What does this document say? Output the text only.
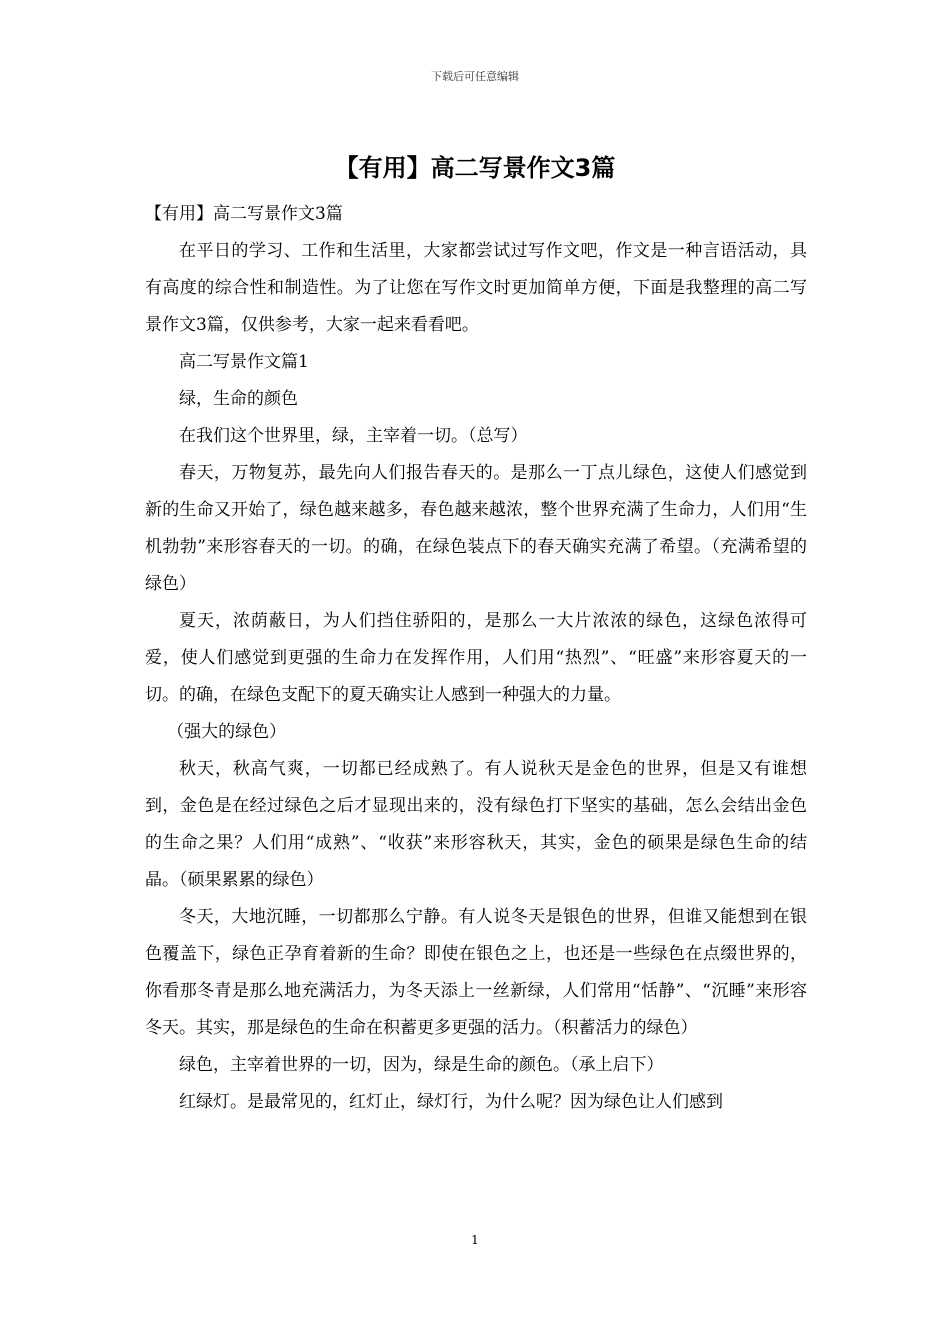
下载后可任意编辑
【有用】高二写景作文3篇

【有用】高二写景作文3篇

在平日的学习、工作和生活里，大家都尝试过写作文吧，作文是一种言语活动，具有高度的综合性和制造性。为了让您在写作文时更加简单方便，下面是我整理的高二写景作文3篇，仅供参考，大家一起来看看吧。

高二写景作文篇1

绿，生命的颜色

在我们这个世界里，绿，主宰着一切。（总写）

春天，万物复苏，最先向人们报告春天的。是那么一丁点儿绿色，这使人们感觉到新的生命又开始了，绿色越来越多，春色越来越浓，整个世界充满了生命力，人们用“生机勃勃”来形容春天的一切。的确，在绿色装点下的春天确实充满了希望。（充满希望的绿色）

夏天，浓荫蔽日，为人们挡住骄阳的，是那么一大片浓浓的绿色，这绿色浓得可爱，使人们感觉到更强的生命力在发挥作用，人们用“热烈”、“旺盛”来形容夏天的一切。的确，在绿色支配下的夏天确实让人感到一种强大的力量。

（强大的绿色）

秋天，秋高气爽，一切都已经成熟了。有人说秋天是金色的世界，但是又有谁想到，金色是在经过绿色之后才显现出来的，没有绿色打下坚实的基础，怎么会结出金色的生命之果？人们用“成熟”、“收获”来形容秋天，其实，金色的硕果是绿色生命的结晶。（硕果累累的绿色）

冬天，大地沉睡，一切都那么宁静。有人说冬天是银色的世界，但谁又能想到在银色覆盖下，绿色正孕育着新的生命？即使在银色之上，也还是一些绿色在点缀世界的，你看那冬青是那么地充满活力，为冬天添上一丝新绿，人们常用“恬静”、“沉睡”来形容冬天。其实，那是绿色的生命在积蓄更多更强的活力。（积蓄活力的绿色）

绿色，主宰着世界的一切，因为，绿是生命的颜色。（承上启下）

红绿灯。是最常见的，红灯止，绿灯行，为什么呢？因为绿色让人们感到

1
